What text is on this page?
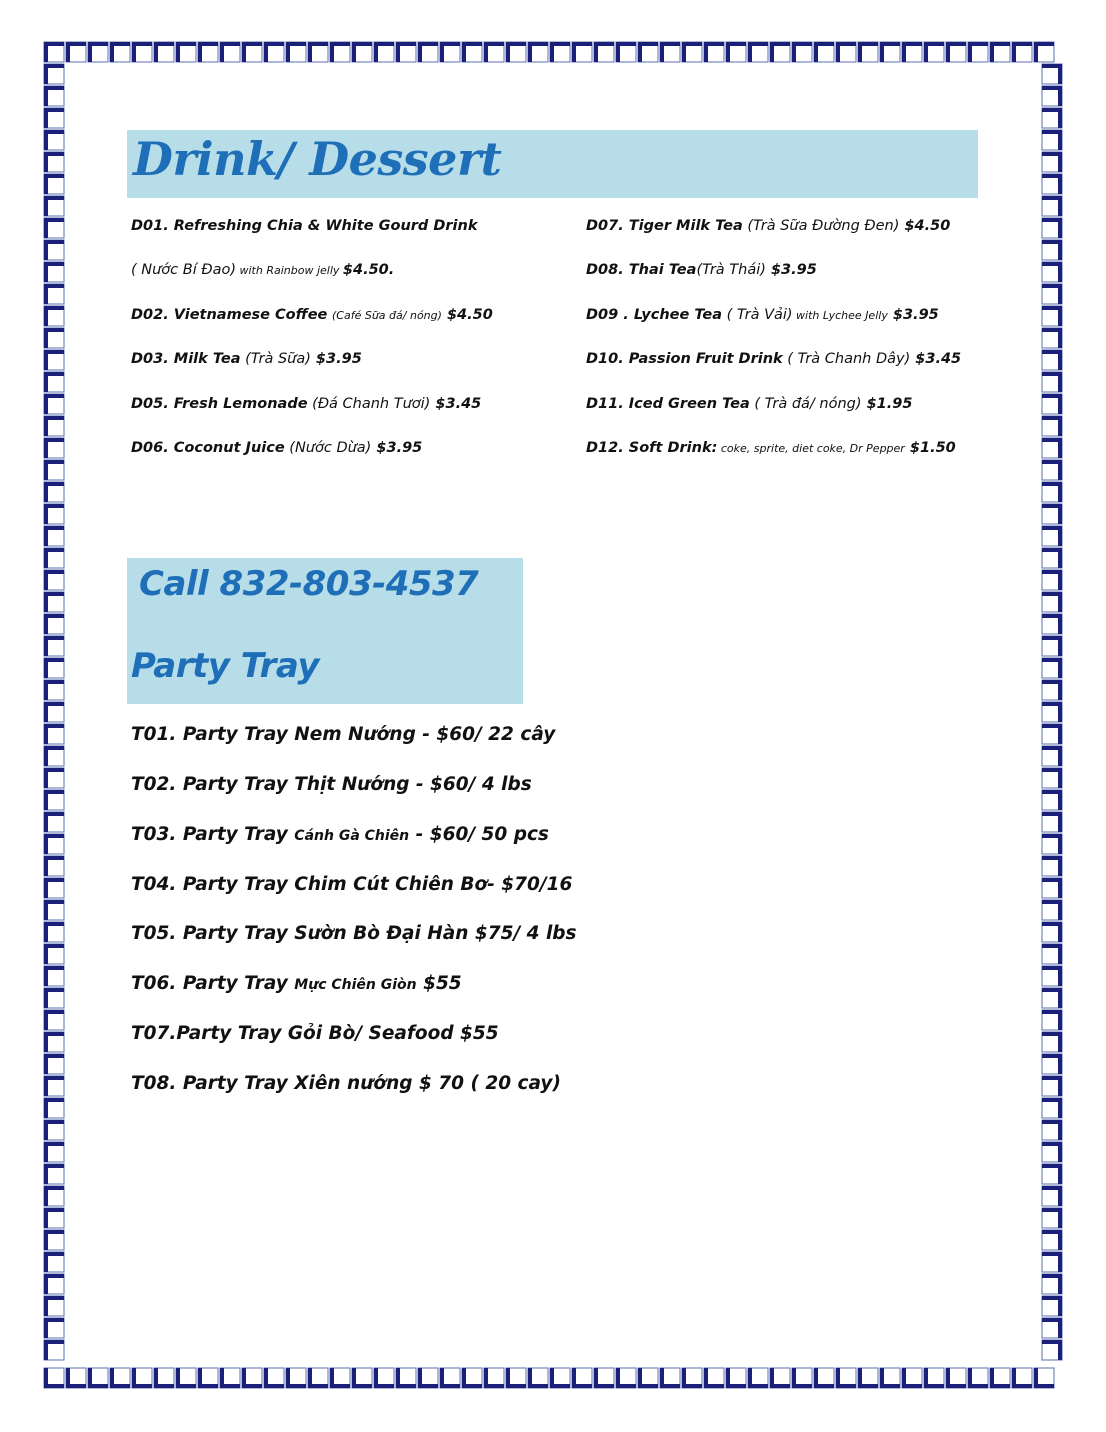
Drink/ Dessert
D01. Refreshing Chia & White Gourd Drink
( Nước Bí Đao) with Rainbow jelly $4.50.
D02. Vietnamese Coffee (Café Sữa đá/ nóng) $4.50
D03. Milk Tea (Trà Sữa) $3.95
D05. Fresh Lemonade (Đá Chanh Tươi) $3.45
D06. Coconut Juice (Nước Dừa) $3.95
D07. Tiger Milk Tea (Trà Sữa Đường Đen) $4.50
D08. Thai Tea(Trà Thái) $3.95
D09 . Lychee Tea ( Trà Vải) with Lychee Jelly $3.95
D10. Passion Fruit Drink ( Trà Chanh Dây) $3.45
D11. Iced Green Tea ( Trà đá/ nóng) $1.95
D12. Soft Drink: coke, sprite, diet coke, Dr Pepper $1.50
Call 832-803-4537
Party Tray
T01. Party Tray Nem Nướng - $60/ 22 cây
T02. Party Tray Thịt Nướng - $60/ 4 lbs
T03. Party Tray Cánh Gà Chiên - $60/ 50 pcs
T04. Party Tray Chim Cút Chiên Bơ- $70/16
T05. Party Tray Sườn Bò Đại Hàn $75/ 4 lbs
T06. Party Tray Mực Chiên Giòn $55
T07.Party Tray Gỏi Bò/ Seafood $55
T08. Party Tray Xiên nướng $ 70 ( 20 cay)
